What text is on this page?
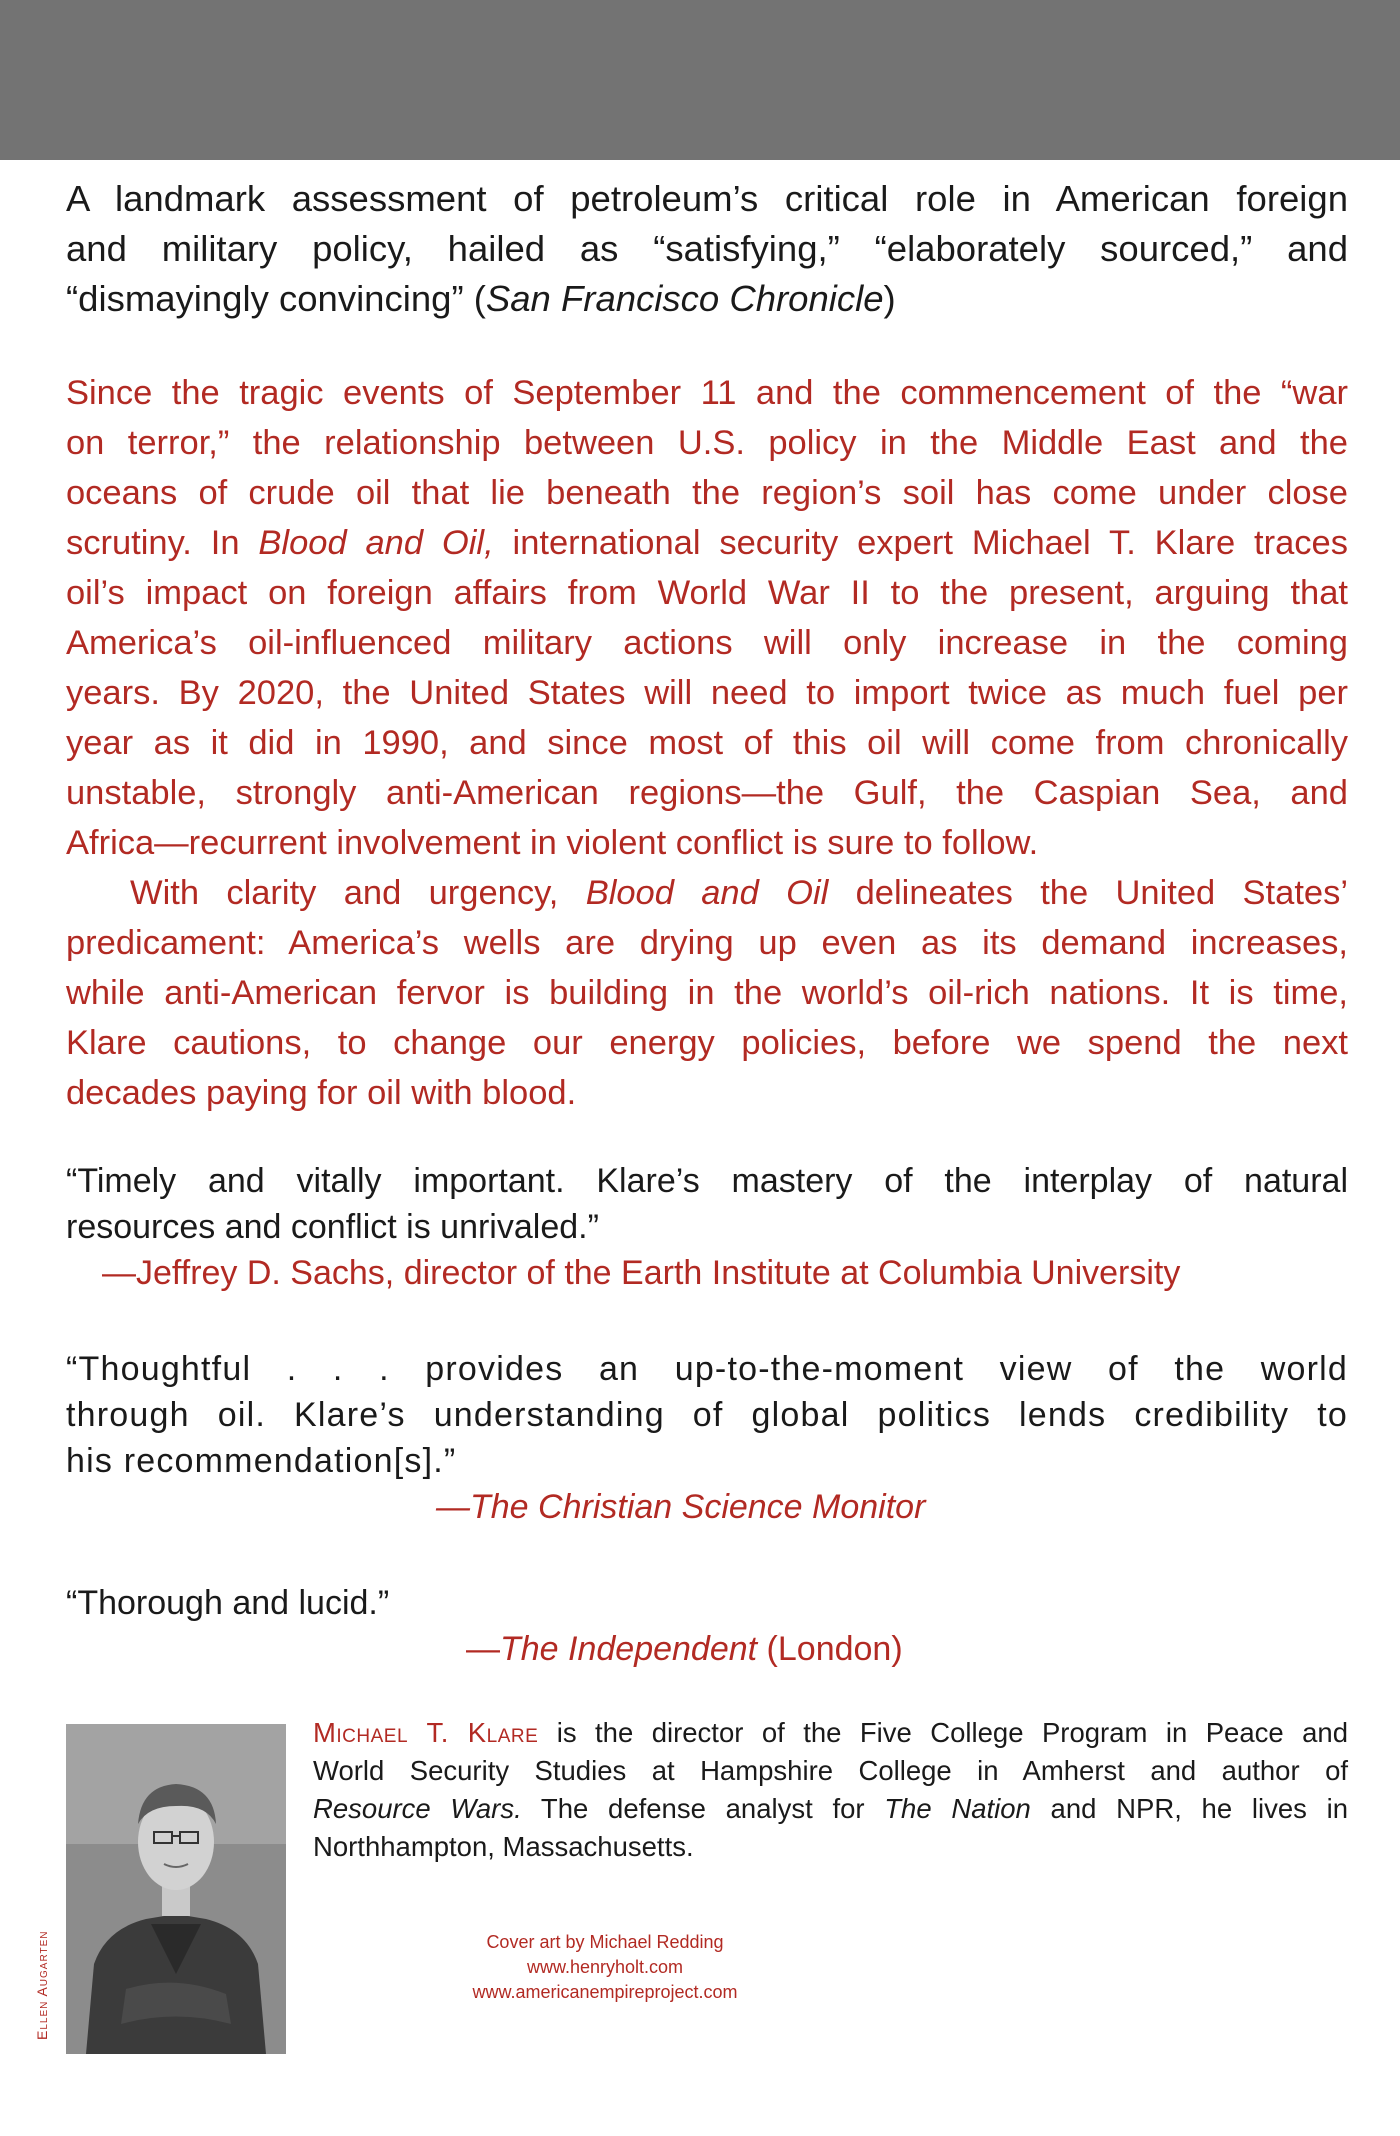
A landmark assessment of petroleum’s critical role in American foreign
and military policy, hailed as “satisfying,” “elaborately sourced,” and
“dismayingly convincing” (San Francisco Chronicle)
Since the tragic events of September 11 and the commencement of the “war
on terror,” the relationship between U.S. policy in the Middle East and the
oceans of crude oil that lie beneath the region’s soil has come under close
scrutiny. In Blood and Oil, international security expert Michael T. Klare traces
oil’s impact on foreign affairs from World War II to the present, arguing that
America’s oil-influenced military actions will only increase in the coming
years. By 2020, the United States will need to import twice as much fuel per
year as it did in 1990, and since most of this oil will come from chronically
unstable, strongly anti-American regions—the Gulf, the Caspian Sea, and
Africa—recurrent involvement in violent conflict is sure to follow.
With clarity and urgency, Blood and Oil delineates the United States’
predicament: America’s wells are drying up even as its demand increases,
while anti-American fervor is building in the world’s oil-rich nations. It is time,
Klare cautions, to change our energy policies, before we spend the next
decades paying for oil with blood.
“Timely and vitally important. Klare’s mastery of the interplay of natural
resources and conflict is unrivaled.”
—Jeffrey D. Sachs, director of the Earth Institute at Columbia University
“Thoughtful . . . provides an up-to-the-moment view of the world
through oil. Klare’s understanding of global politics lends credibility to
his recommendation[s].”
—The Christian Science Monitor
“Thorough and lucid.”
—The Independent (London)
Ellen Augarten
Michael T. Klare is the director of the Five College Program in Peace and
World Security Studies at Hampshire College in Amherst and author of
Resource Wars. The defense analyst for The Nation and NPR, he lives in
Northhampton, Massachusetts.
Cover art by Michael Redding
www.henryholt.com
www.americanempireproject.com
